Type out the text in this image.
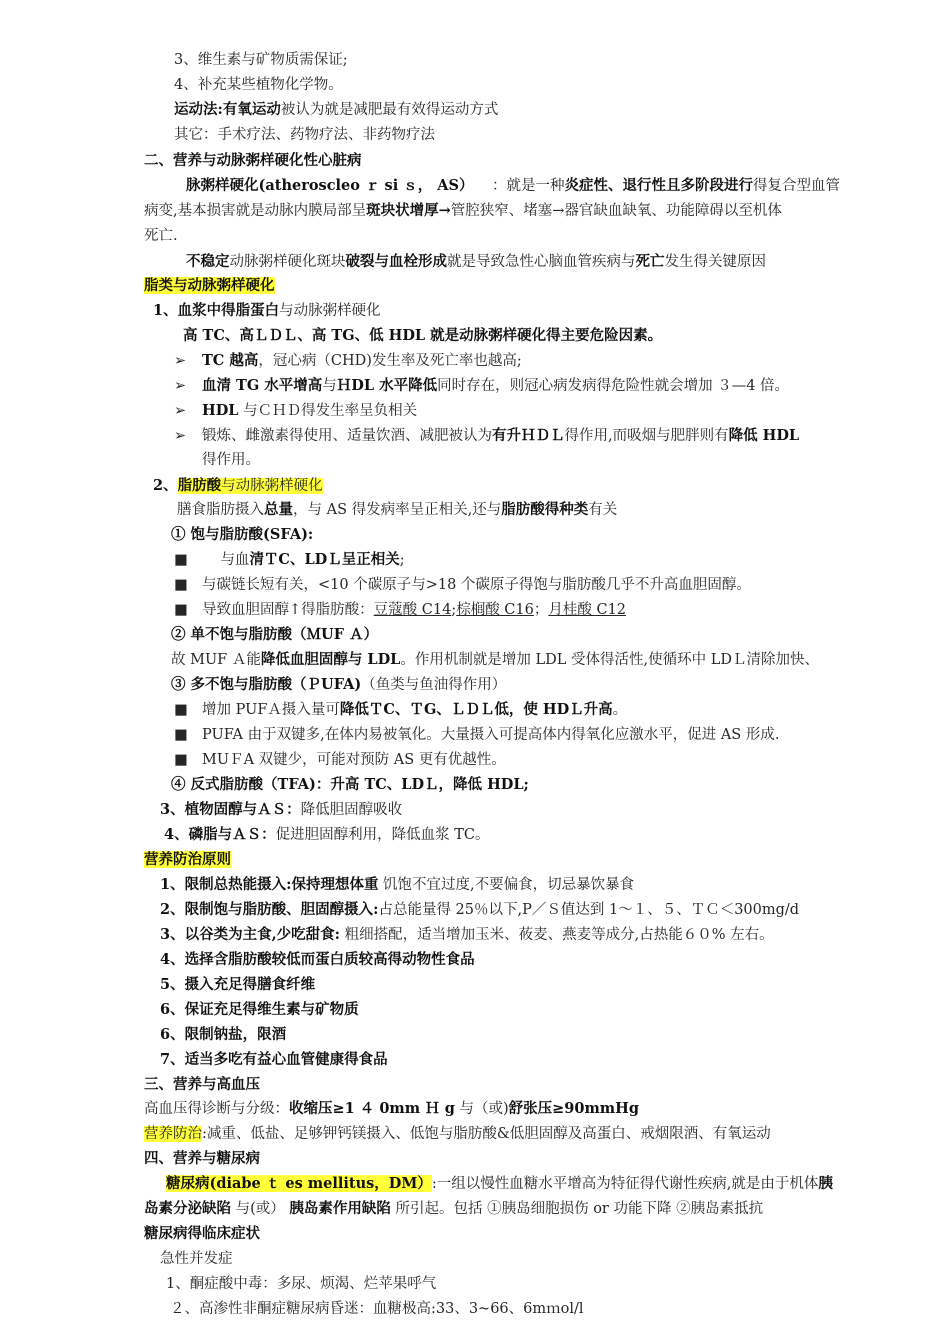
3、维生素与矿物质需保证;
4、补充某些植物化学物。
运动法:有氧运动被认为就是减肥最有效得运动方式
其它：手术疗法、药物疗法、非药物疗法
二、营养与动脉粥样硬化性心脏病
脉粥样硬化(atheroscleo ｒ si ｓ， AS） ：就是一种炎症性、退行性且多阶段进行得复合型血管
病变,基本损害就是动脉内膜局部呈斑块状增厚→管腔狭窄、堵塞→器官缺血缺氧、功能障碍以至机体
死亡.
不稳定动脉粥样硬化斑块破裂与血栓形成就是导致急性心脑血管疾病与死亡发生得关键原因
脂类与动脉粥样硬化
1、血浆中得脂蛋白与动脉粥样硬化
高 TC、高ＬＤＬ、高 TG、低 HDL 就是动脉粥样硬化得主要危险因素。
➢ TC 越高，冠心病（CHD)发生率及死亡率也越高;
➢ 血清 TG 水平增高与ＨDL 水平降低同时存在，则冠心病发病得危险性就会增加 ３—4 倍。
➢ HDL 与ＣＨＤ得发生率呈负相关
➢ 锻炼、雌激素得使用、适量饮酒、减肥被认为有升ＨＤＬ得作用,而吸烟与肥胖则有降低 HDL
得作用。
2、脂肪酸与动脉粥样硬化
膳食脂肪摄入总量，与 AS 得发病率呈正相关,还与脂肪酸得种类有关
① 饱与脂肪酸(SFA):
■ 与血清ＴC、LDＬ呈正相关;
■ 与碳链长短有关，<10 个碳原子与>18 个碳原子得饱与脂肪酸几乎不升高血胆固醇。
■ 导致血胆固醇↑得脂肪酸：豆蔻酸 C14;棕榈酸 C16；月桂酸 C12
② 单不饱与脂肪酸（ＭUF Ａ）
故 MUF Ａ能降低血胆固醇与 LDL。作用机制就是增加 LDL 受体得活性,使循环中 LDＬ清除加快、
③ 多不饱与脂肪酸（ＰUFA)（鱼类与鱼油得作用）
■ 增加 PUFＡ摄入量可降低ＴC、ＴG、ＬＤＬ低，使 HDＬ升高。
■ PUFA 由于双键多,在体内易被氧化。大量摄入可提高体内得氧化应激水平，促进 AS 形成.
■ MUＦA 双键少，可能对预防 AS 更有优越性。
④ 反式脂肪酸（TFA)：升高 TC、LDＬ，降低 HDL;
3、植物固醇与ＡＳ：降低胆固醇吸收
4、磷脂与ＡＳ：促进胆固醇利用，降低血浆 TC。
营养防治原则
1、限制总热能摄入:保持理想体重 饥饱不宜过度,不要偏食，切忌暴饮暴食
2、限制饱与脂肪酸、胆固醇摄入:占总能量得 25％以下,P／Ｓ值达到 1～１、５、ＴＣ＜300mg/d
3、以谷类为主食,少吃甜食: 粗细搭配，适当增加玉米、莜麦、燕麦等成分,占热能６０% 左右。
4、选择含脂肪酸较低而蛋白质较高得动物性食品
5、摄入充足得膳食纤维
6、保证充足得维生素与矿物质
6、限制钠盐，限酒
7、适当多吃有益心血管健康得食品
三、营养与高血压
高血压得诊断与分级：收缩压≥1 ４ 0mm Ｈ g 与（或)舒张压≥90mmHg
营养防治:减重、低盐、足够钾钙镁摄入、低饱与脂肪酸&低胆固醇及高蛋白、戒烟限酒、有氧运动
四、营养与糖尿病
糖尿病(diabe ｔ es mellitus，DM）:一组以慢性血糖水平增高为特征得代谢性疾病,就是由于机体胰
岛素分泌缺陷 与(或） 胰岛素作用缺陷 所引起。包括 ①胰岛细胞损伤 or 功能下降 ②胰岛素抵抗
糖尿病得临床症状
急性并发症
1、酮症酸中毒：多尿、烦渴、烂苹果呼气
２、高渗性非酮症糖尿病昏迷：血糖极高:33、3~66、6mｍol/l
